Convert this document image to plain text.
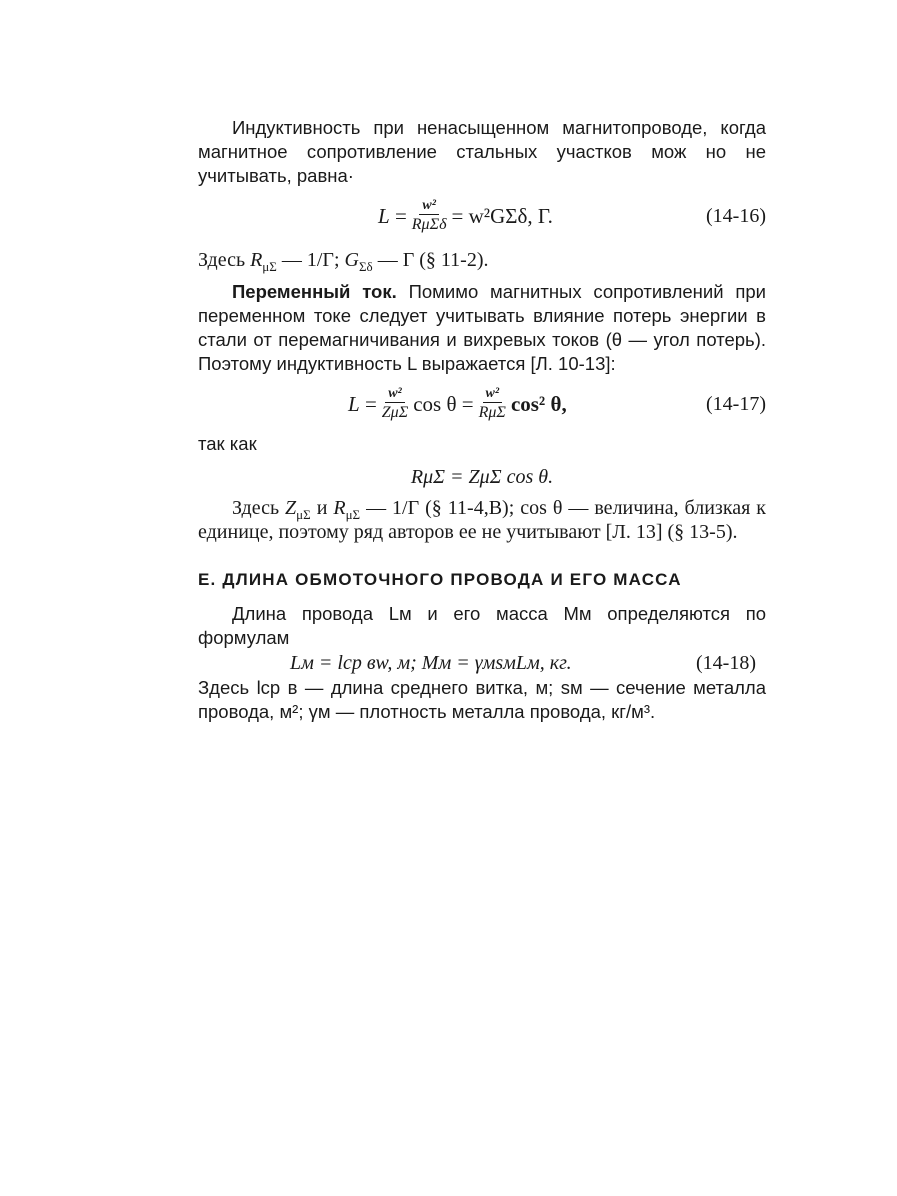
Индуктивность при ненасыщенном магнитопроводе, когда магнитное сопротивление стальных участков мож но не учитывать, равна·

$L = \frac{\text{w²}}{\text{RμΣδ}} = w^2G\Sigma\delta$, Г.	(14-16)

Здесь $R_{\mu\Sigma}$ — 1/Г; $G_{\Sigma\delta}$ — Г (§ 11-2).

Переменный ток. Помимо магнитных сопротивлений при переменном токе следует учитывать влияние потерь энергии в стали от перемагничивания и вихревых токов (θ — угол потерь). Поэтому индуктивность L выражается [Л. 10-13]:

$L = \frac{\text{w²}}{\text{ZμΣ}}$ $\cos \theta = \frac{\text{w²}}{\text{RμΣ}} \cos^2$ θ,	(14-17)

так как

RμΣ = ZμΣ cos θ.

Здесь $Z_{\mu\Sigma}$ и $R_{\mu\Sigma}$ — 1/Г (§ 11-4,В); cos θ — величина, близкая к единице, поэтому ряд авторов ее не учитывают [Л. 13] (§ 13-5).

Е. ДЛИНА ОБМОТОЧНОГО ПРОВОДА И ЕГО МАССА

Длина провода Lм и его масса Mм определяются по формулам

Lм = lср вw, м; Mм = γмsмLм, кг.	(14-18)

Здесь lср в — длина среднего витка, м; sм — сечение металла провода, м²; γм — плотность металла провода, кг/м³.
